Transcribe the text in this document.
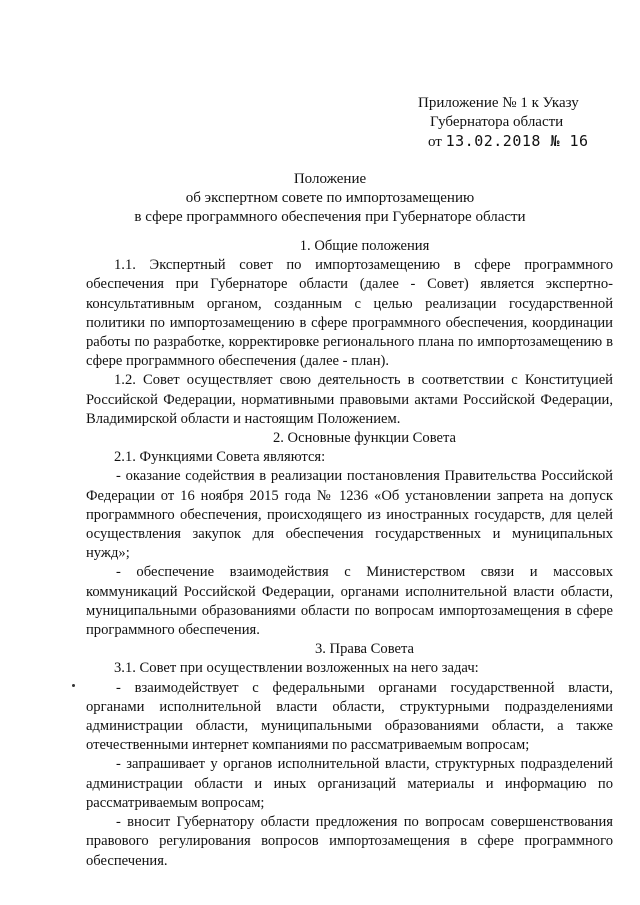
Приложение № 1 к Указу
Губернатора области
от 13.02.2018 № 16
Положение
об экспертном совете по импортозамещению
в сфере программного обеспечения при Губернаторе области

1. Общие положения

1.1. Экспертный совет по импортозамещению в сфере программного обеспечения при Губернаторе области (далее - Совет) является экспертно-консультативным органом, созданным с целью реализации государственной политики по импортозамещению в сфере программного обеспечения, координации работы по разработке, корректировке регионального плана по импортозамещению в сфере программного обеспечения (далее - план).

1.2. Совет осуществляет свою деятельность в соответствии с Конституцией Российской Федерации, нормативными правовыми актами Российской Федерации, Владимирской области и настоящим Положением.

2. Основные функции Совета

2.1. Функциями Совета являются:

- оказание содействия в реализации постановления Правительства Российской Федерации от 16 ноября 2015 года № 1236 «Об установлении запрета на допуск программного обеспечения, происходящего из иностранных государств, для целей осуществления закупок для обеспечения государственных и муниципальных нужд»;

- обеспечение взаимодействия с Министерством связи и массовых коммуникаций Российской Федерации, органами исполнительной власти области, муниципальными образованиями области по вопросам импортозамещения в сфере программного обеспечения.

3. Права Совета

3.1. Совет при осуществлении возложенных на него задач:

- взаимодействует с федеральными органами государственной власти, органами исполнительной власти области, структурными подразделениями администрации области, муниципальными образованиями области, а также отечественными интернет компаниями по рассматриваемым вопросам;

- запрашивает у органов исполнительной власти, структурных подразделений администрации области и иных организаций материалы и информацию по рассматриваемым вопросам;

- вносит Губернатору области предложения по вопросам совершенствования правового регулирования вопросов импортозамещения в сфере программного обеспечения.
